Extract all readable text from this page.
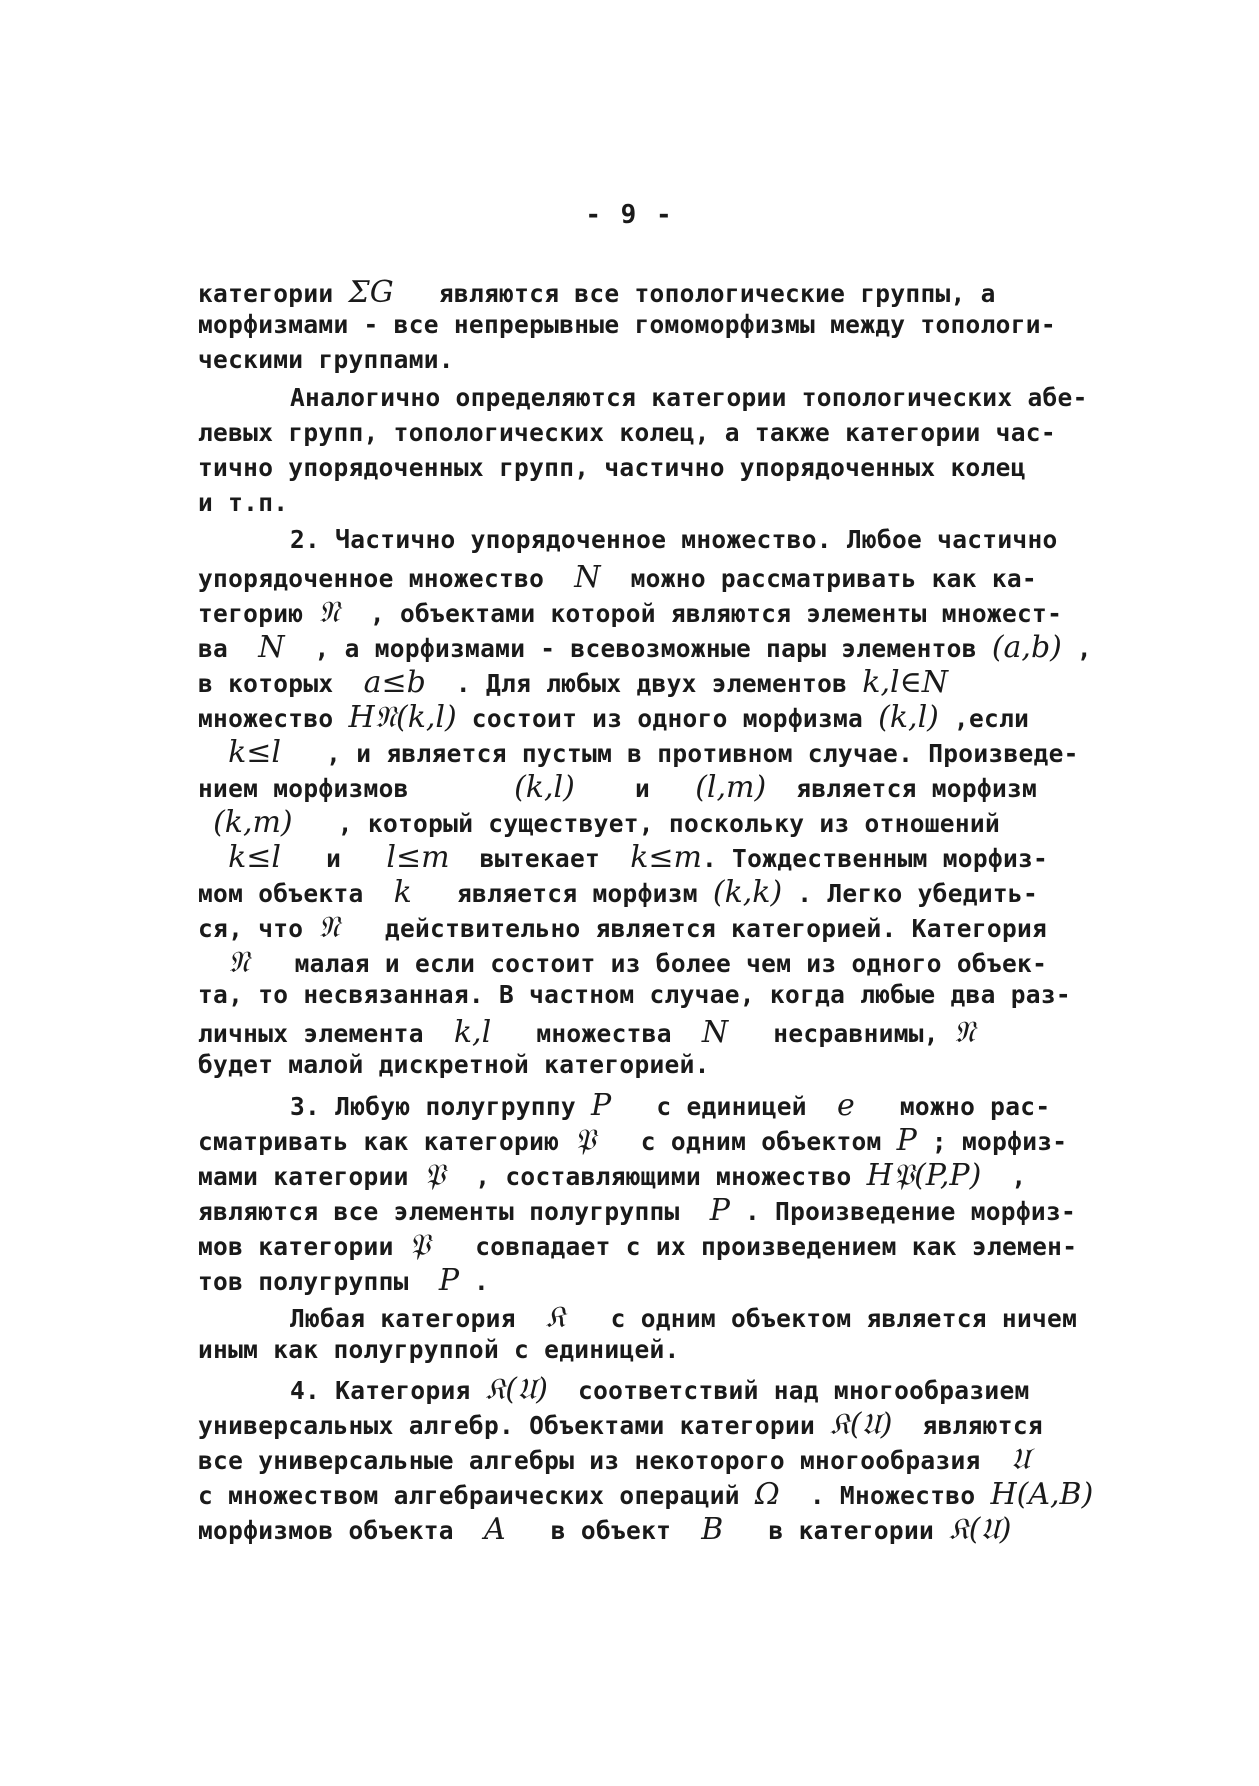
- 9 -
категории ΣG   являются все топологические группы, а
морфизмами - все непрерывные гомоморфизмы между топологи-
ческими группами.
Аналогично определяются категории топологических абе-
левых групп, топологических колец, а также категории час-
тично упорядоченных групп, частично упорядоченных колец
и т.п.
2. Частично упорядоченное множество. Любое частично
упорядоченное множество  N  можно рассматривать как ка-
тегорию 𝔑  , объектами которой являются элементы множест-
ва  N  , а морфизмами - всевозможные пары элементов (a,b) ,
в которых  a≤b  . Для любых двух элементов k,l∈N
множество H𝔑(k,l) состоит из одного морфизма (k,l) ,если
k≤l   , и является пустым в противном случае. Произведе-
нием морфизмов       (k,l)    и   (l,m)  является морфизм
(k,m)   , который существует, поскольку из отношений
k≤l   и   l≤m  вытекает  k≤m. Тождественным морфиз-
мом объекта  k   является морфизм (k,k) . Легко убедить-
ся, что 𝔑   действительно является категорией. Категория
𝔑   малая и если состоит из более чем из одного объек-
та, то несвязанная. В частном случае, когда любые два раз-
личных элемента  k,l   множества  N   несравнимы, 𝔑
будет малой дискретной категорией.
3. Любую полугруппу P   с единицей  e   можно рас-
сматривать как категорию 𝔓   с одним объектом P ; морфиз-
мами категории 𝔓  , составляющими множество H𝔓(P,P)  ,
являются все элементы полугруппы  P . Произведение морфиз-
мов категории 𝔓   совпадает с их произведением как элемен-
тов полугруппы  P .
Любая категория  𝔎   с одним объектом является ничем
иным как полугруппой с единицей.
4. Категория 𝔎(𝔘)  соответствий над многообразием
универсальных алгебр. Объектами категории 𝔎(𝔘)  являются
все универсальные алгебры из некоторого многообразия  𝔘
с множеством алгебраических операций Ω  . Множество H(A,B)
морфизмов объекта  A   в объект  B   в категории 𝔎(𝔘)
